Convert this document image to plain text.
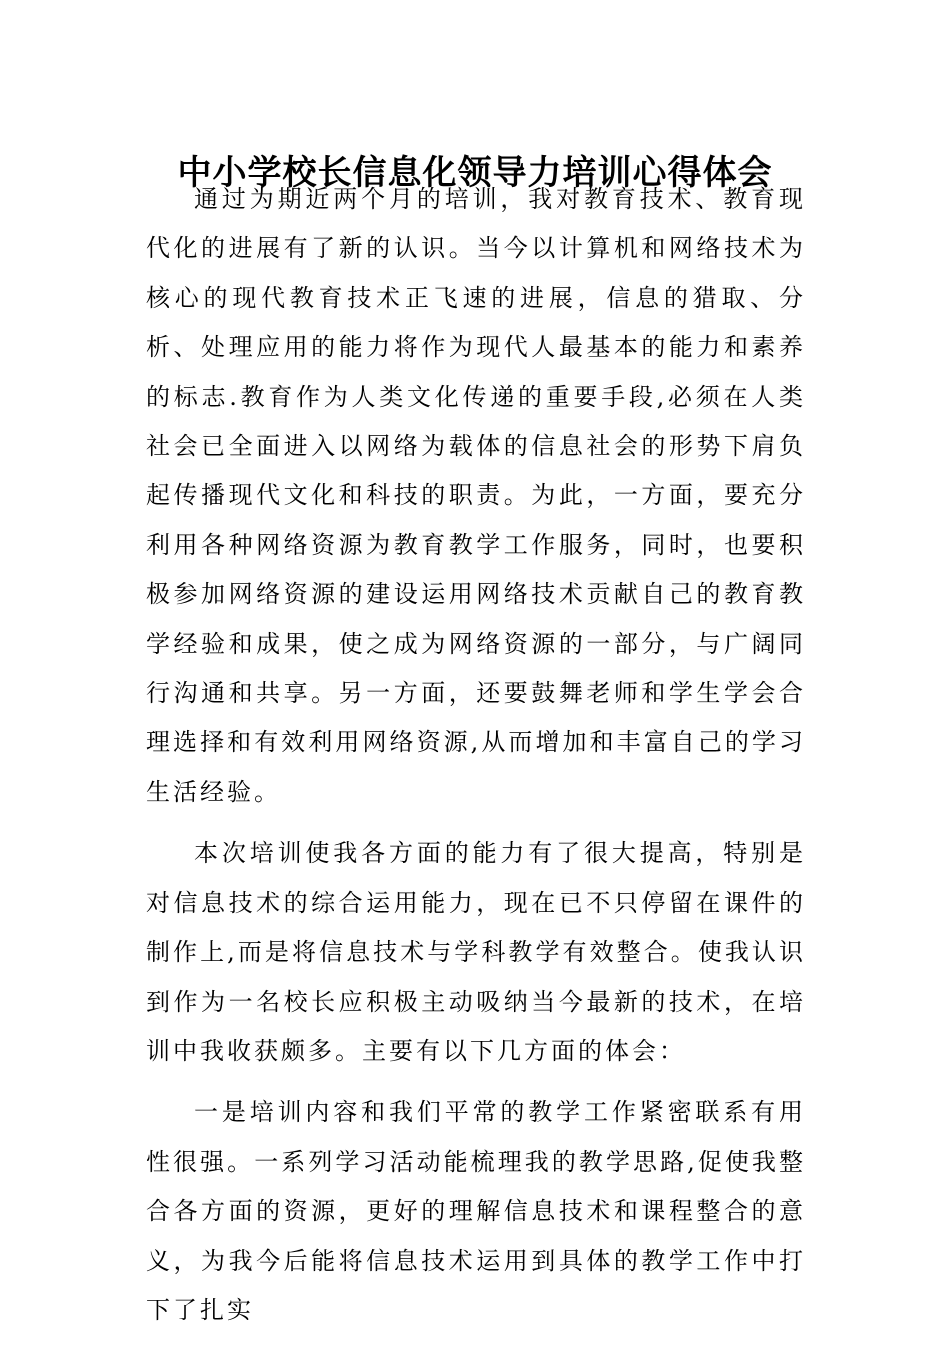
中小学校长信息化领导力培训心得体会

通过为期近两个月的培训，我对教育技术、教育现代化的进展有了新的认识。当今以计算机和网络技术为核心的现代教育技术正飞速的进展，信息的猎取、分析、处理应用的能力将作为现代人最基本的能力和素养的标志.教育作为人类文化传递的重要手段,必须在人类社会已全面进入以网络为载体的信息社会的形势下肩负起传播现代文化和科技的职责。为此，一方面，要充分利用各种网络资源为教育教学工作服务，同时，也要积极参加网络资源的建设运用网络技术贡献自己的教育教学经验和成果，使之成为网络资源的一部分，与广阔同行沟通和共享。另一方面，还要鼓舞老师和学生学会合理选择和有效利用网络资源,从而增加和丰富自己的学习生活经验。

本次培训使我各方面的能力有了很大提高，特别是对信息技术的综合运用能力，现在已不只停留在课件的制作上,而是将信息技术与学科教学有效整合。使我认识到作为一名校长应积极主动吸纳当今最新的技术，在培训中我收获颇多。主要有以下几方面的体会：

一是培训内容和我们平常的教学工作紧密联系有用性很强。一系列学习活动能梳理我的教学思路,促使我整合各方面的资源，更好的理解信息技术和课程整合的意义，为我今后能将信息技术运用到具体的教学工作中打下了扎实
